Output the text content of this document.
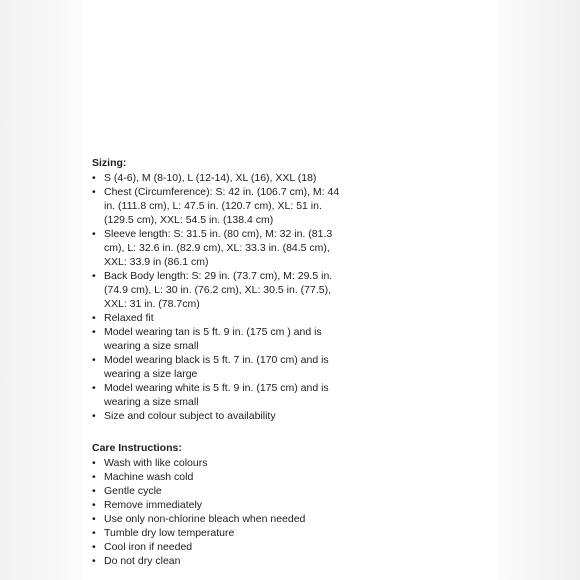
Sizing:
• S (4-6), M (8-10), L (12-14), XL (16), XXL (18)
• Chest (Circumference): S: 42 in. (106.7 cm), M: 44 in. (111.8 cm), L: 47.5 in. (120.7 cm), XL: 51 in. (129.5 cm), XXL: 54.5 in. (138.4 cm)
• Sleeve length: S: 31.5 in. (80 cm), M: 32 in. (81.3 cm), L: 32.6 in. (82.9 cm), XL: 33.3 in. (84.5 cm), XXL: 33.9 in (86.1 cm)
• Back Body length: S: 29 in. (73.7 cm), M: 29.5 in. (74.9 cm), L: 30 in. (76.2 cm), XL: 30.5 in. (77.5), XXL: 31 in. (78.7cm)
• Relaxed fit
• Model wearing tan is 5 ft. 9 in. (175 cm ) and is wearing a size small
• Model wearing black is 5 ft. 7 in. (170 cm) and is wearing a size large
• Model wearing white is 5 ft. 9 in. (175 cm) and is wearing a size small
• Size and colour subject to availability
Care Instructions:
• Wash with like colours
• Machine wash cold
• Gentle cycle
• Remove immediately
• Use only non-chlorine bleach when needed
• Tumble dry low temperature
• Cool iron if needed
• Do not dry clean
